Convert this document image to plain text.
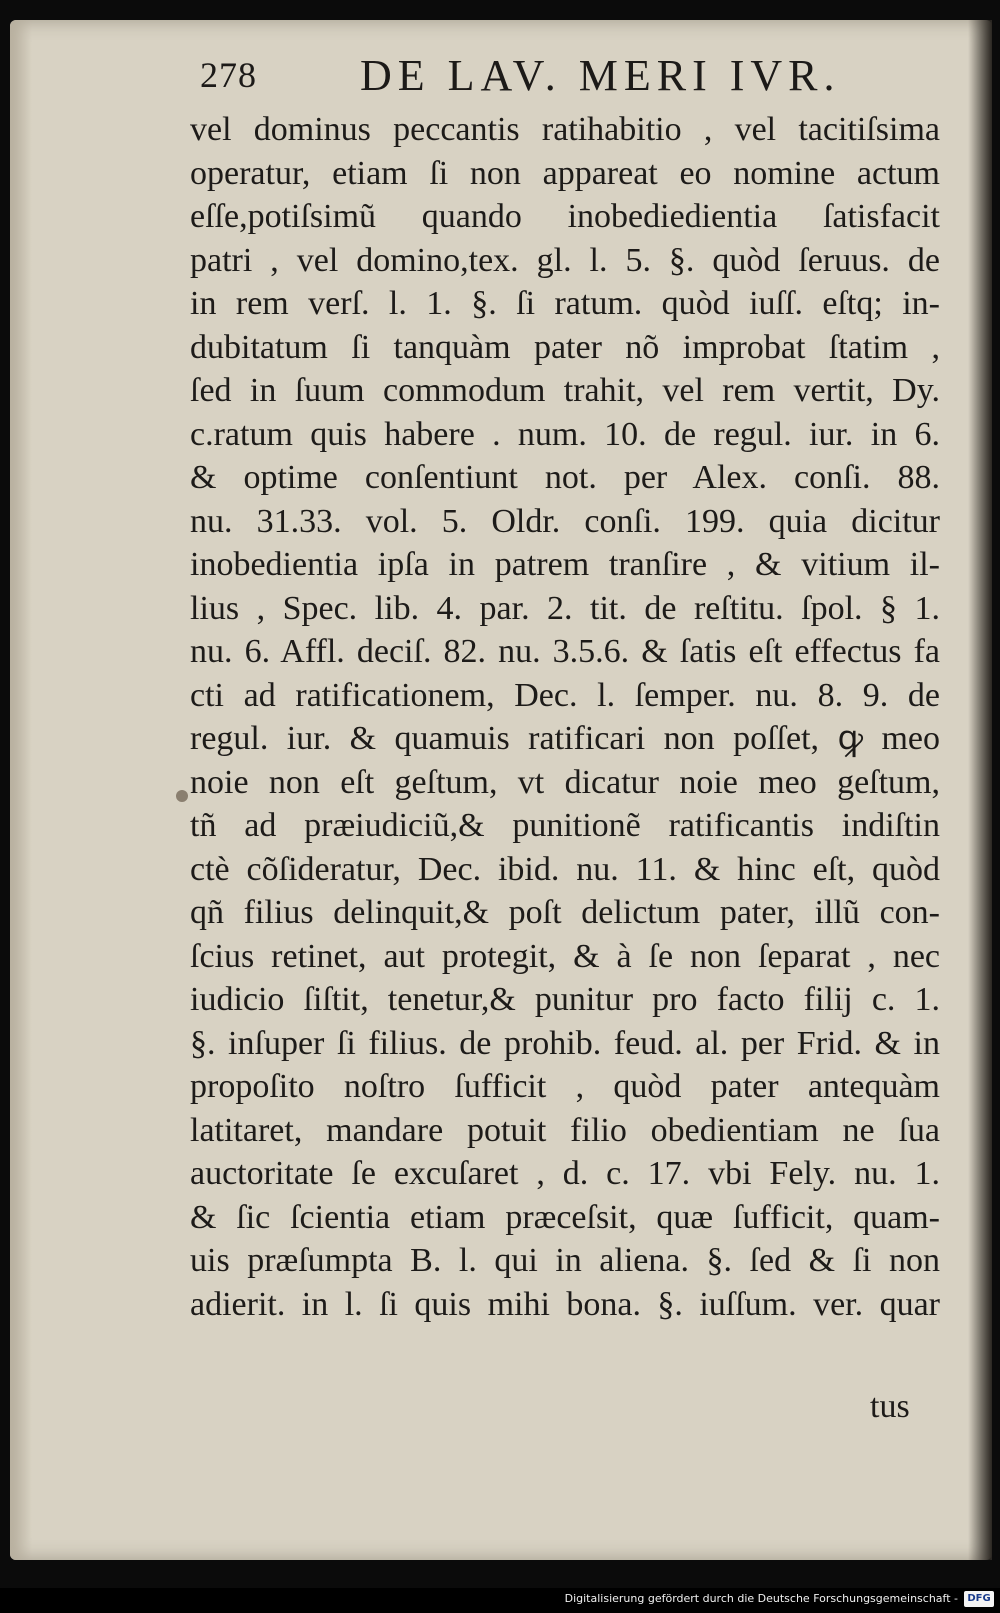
278 DE LAV. MERI IVR.
vel dominus peccantis ratihabitio , vel tacitiſsima
operatur, etiam ſi non appareat eo nomine actum
eſſe,potiſsimũ quando inobediedientia ſatisfacit
patri , vel domino,tex. gl. l. 5. §. quòd ſeruus. de
in rem verſ. l. 1. §. ſi ratum. quòd iuſſ. eſtq; in-
dubitatum ſi tanquàm pater nõ improbat ſtatim ,
ſed in ſuum commodum trahit, vel rem vertit, Dy.
c.ratum quis habere . num. 10. de regul. iur. in 6.
& optime conſentiunt not. per Alex. conſi. 88.
nu. 31.33. vol. 5. Oldr. conſi. 199. quia dicitur
inobedientia ipſa in patrem tranſire , & vitium il-
lius , Spec. lib. 4. par. 2. tit. de reſtitu. ſpol. § 1.
nu. 6. Affl. deciſ. 82. nu. 3.5.6. & ſatis eſt effectus fa
cti ad ratificationem, Dec. l. ſemper. nu. 8. 9. de
regul. iur. & quamuis ratificari non poſſet, ꝙ meo
noie non eſt geſtum, vt dicatur noie meo geſtum,
tñ ad præiudiciũ,& punitionẽ ratificantis indiſtin
ctè cõſideratur, Dec. ibid. nu. 11. & hinc eſt, quòd
qñ filius delinquit,& poſt delictum pater, illũ con-
ſcius retinet, aut protegit, & à ſe non ſeparat , nec
iudicio ſiſtit, tenetur,& punitur pro facto filij c. 1.
§. inſuper ſi filius. de prohib. feud. al. per Frid. & in
propoſito noſtro ſufficit , quòd pater antequàm
latitaret, mandare potuit filio obedientiam ne ſua
auctoritate ſe excuſaret , d. c. 17. vbi Fely. nu. 1.
& ſic ſcientia etiam præceſsit, quæ ſufficit, quam-
uis præſumpta B. l. qui in aliena. §. ſed & ſi non
adierit. in l. ſi quis mihi bona. §. iuſſum. ver. quar
tus
Digitalisierung gefördert durch die Deutsche Forschungsgemeinschaft - DFG
